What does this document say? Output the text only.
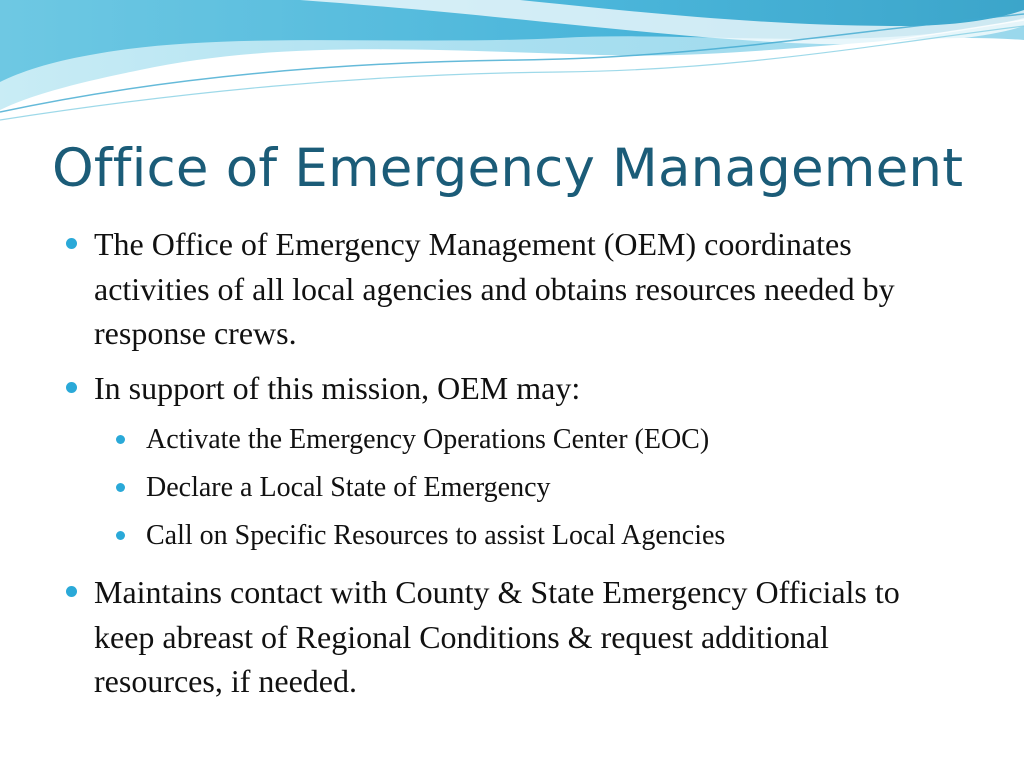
Office of Emergency Management
The Office of Emergency Management (OEM) coordinates activities of all local agencies and obtains resources needed by response crews.
In support of this mission, OEM may:
Activate the Emergency Operations Center (EOC)
Declare a Local State of Emergency
Call on Specific Resources to assist Local Agencies
Maintains contact with County & State Emergency Officials to keep abreast of Regional Conditions & request additional resources, if needed.
